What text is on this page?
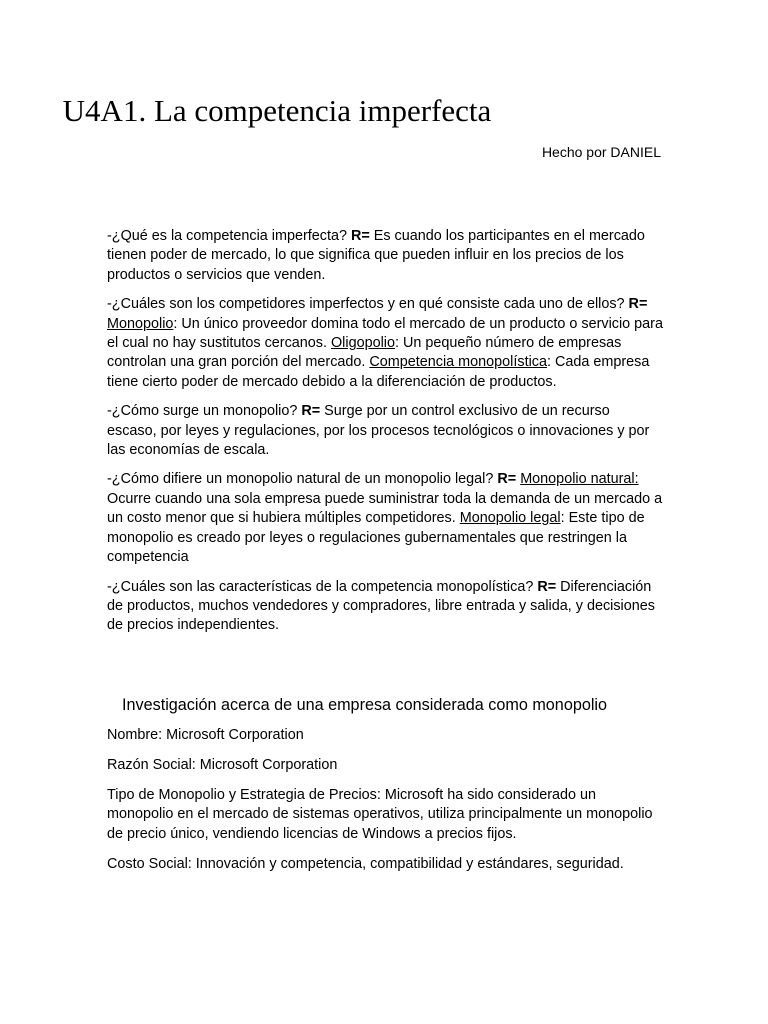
U4A1. La competencia imperfecta
Hecho por DANIEL

-¿Qué es la competencia imperfecta? R= Es cuando los participantes en el mercado tienen poder de mercado, lo que significa que pueden influir en los precios de los productos o servicios que venden.

-¿Cuáles son los competidores imperfectos y en qué consiste cada uno de ellos? R= Monopolio: Un único proveedor domina todo el mercado de un producto o servicio para el cual no hay sustitutos cercanos. Oligopolio: Un pequeño número de empresas controlan una gran porción del mercado. Competencia monopolística: Cada empresa tiene cierto poder de mercado debido a la diferenciación de productos.

-¿Cómo surge un monopolio? R= Surge por un control exclusivo de un recurso escaso, por leyes y regulaciones, por los procesos tecnológicos o innovaciones y por las economías de escala.

-¿Cómo difiere un monopolio natural de un monopolio legal? R= Monopolio natural: Ocurre cuando una sola empresa puede suministrar toda la demanda de un mercado a un costo menor que si hubiera múltiples competidores. Monopolio legal: Este tipo de monopolio es creado por leyes o regulaciones gubernamentales que restringen la competencia

-¿Cuáles son las características de la competencia monopolística? R= Diferenciación de productos, muchos vendedores y compradores, libre entrada y salida, y decisiones de precios independientes.

Investigación acerca de una empresa considerada como monopolio

Nombre: Microsoft Corporation

Razón Social: Microsoft Corporation

Tipo de Monopolio y Estrategia de Precios: Microsoft ha sido considerado un monopolio en el mercado de sistemas operativos, utiliza principalmente un monopolio de precio único, vendiendo licencias de Windows a precios fijos.

Costo Social: Innovación y competencia, compatibilidad y estándares, seguridad.
